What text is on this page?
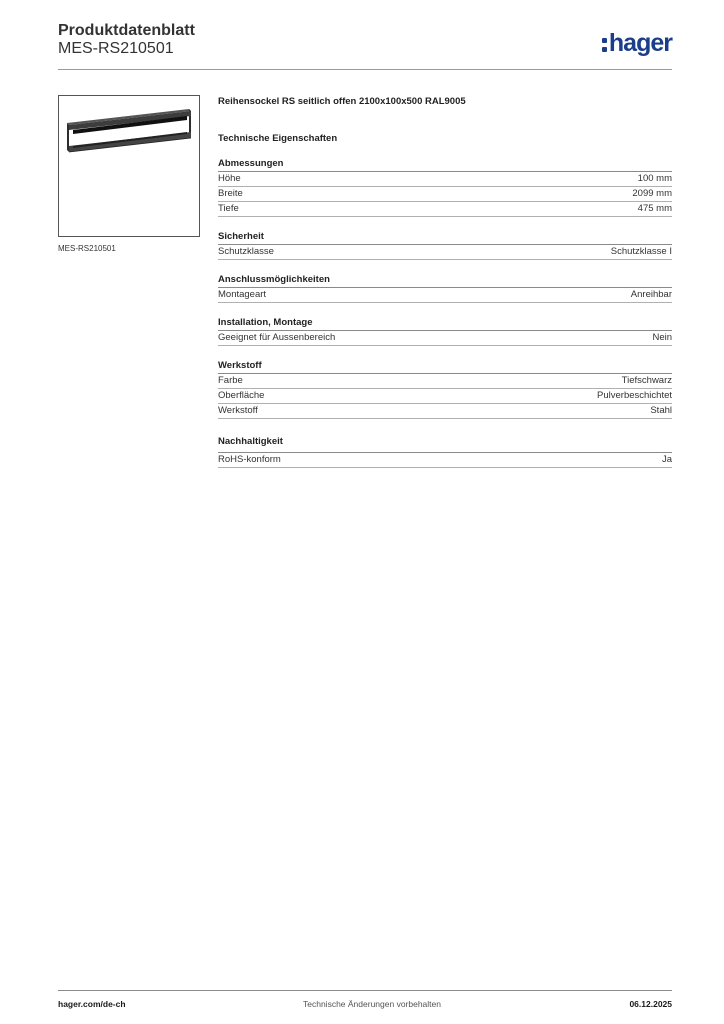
Produktdatenblatt
MES-RS210501	hager
MES-RS210501
Reihensockel RS seitlich offen 2100x100x500 RAL9005
Technische Eigenschaften
Abmessungen
Höhe	100 mm
Breite	2099 mm
Tiefe	475 mm
Sicherheit
Schutzklasse	Schutzklasse I
Anschlussmöglichkeiten
Montageart	Anreihbar
Installation, Montage
Geeignet für Aussenbereich	Nein
Werkstoff
Farbe	Tiefschwarz
Oberfläche	Pulverbeschichtet
Werkstoff	Stahl
Nachhaltigkeit
RoHS-konform	Ja
hager.com/de-ch	Technische Änderungen vorbehalten	06.12.2025
